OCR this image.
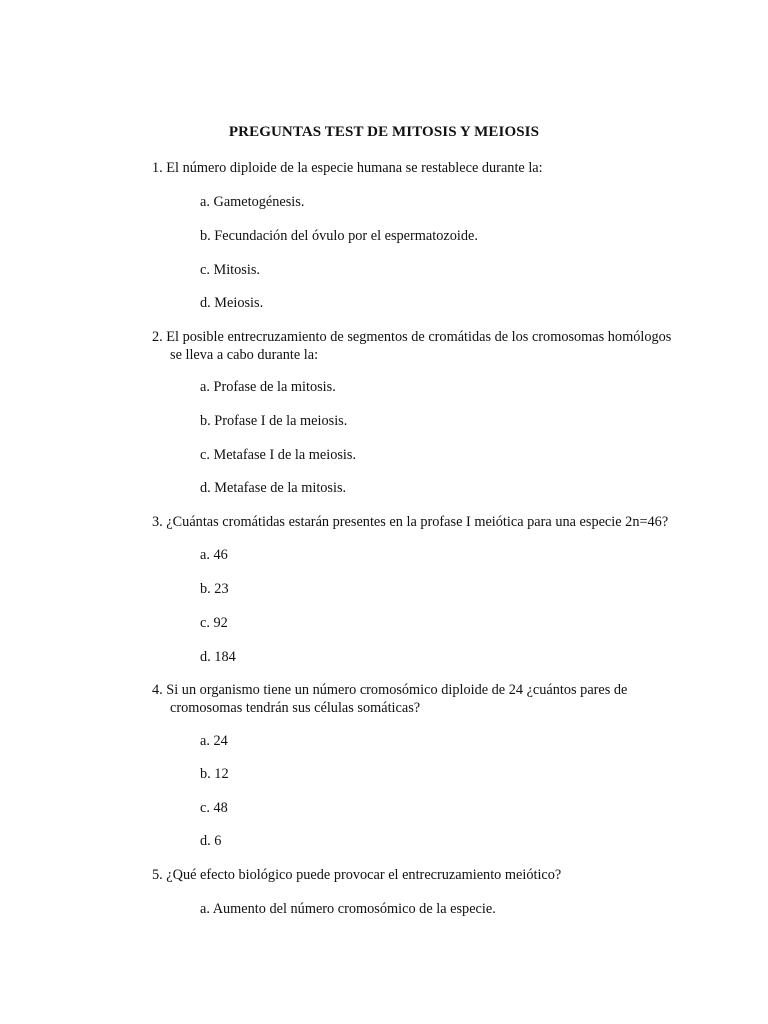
PREGUNTAS TEST DE MITOSIS Y MEIOSIS
1. El número diploide de la especie humana se restablece durante la:
a. Gametogénesis.
b. Fecundación del óvulo por el espermatozoide.
c. Mitosis.
d. Meiosis.
2. El posible entrecruzamiento de segmentos de cromátidas de los cromosomas homólogos
se lleva a cabo durante la:
a. Profase de la mitosis.
b. Profase I de la meiosis.
c. Metafase I de la meiosis.
d. Metafase de la mitosis.
3. ¿Cuántas cromátidas estarán presentes en la profase I meiótica para una especie 2n=46?
a. 46
b. 23
c. 92
d. 184
4. Si un organismo tiene un número cromosómico diploide de 24 ¿cuántos pares de
cromosomas tendrán sus células somáticas?
a. 24
b. 12
c. 48
d. 6
5. ¿Qué efecto biológico puede provocar el entrecruzamiento meiótico?
a. Aumento del número cromosómico de la especie.
